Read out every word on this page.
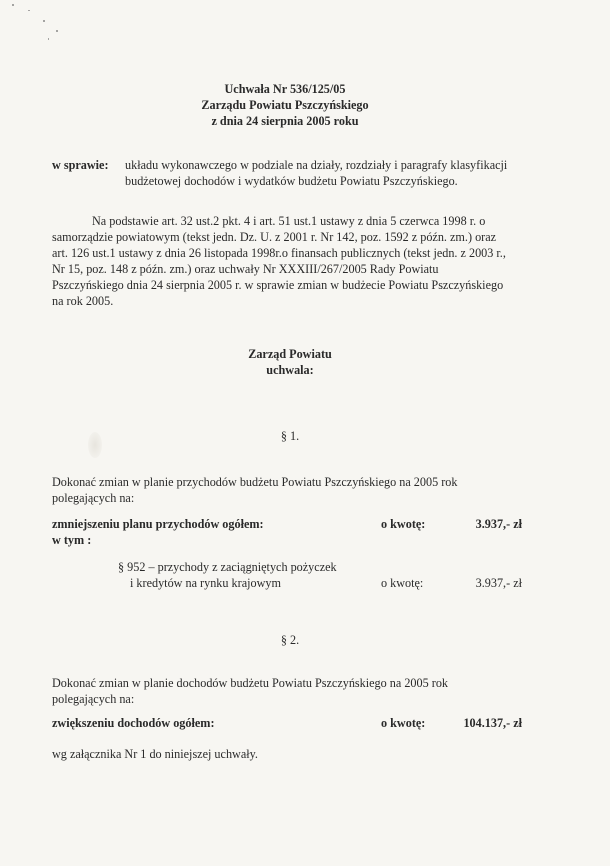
Uchwała Nr 536/125/05
Zarządu Powiatu Pszczyńskiego
z dnia 24 sierpnia 2005 roku
w sprawie: układu wykonawczego w podziale na działy, rozdziały i paragrafy klasyfikacji
budżetowej dochodów i wydatków budżetu Powiatu Pszczyńskiego.
Na podstawie art. 32 ust.2 pkt. 4 i art. 51 ust.1 ustawy z dnia 5 czerwca 1998 r. o
samorządzie powiatowym (tekst jedn. Dz. U. z 2001 r. Nr 142, poz. 1592 z późn. zm.) oraz
art. 126 ust.1 ustawy z dnia 26 listopada 1998r.o finansach publicznych (tekst jedn. z 2003 r.,
Nr 15, poz. 148 z późn. zm.) oraz uchwały Nr XXXIII/267/2005 Rady Powiatu
Pszczyńskiego dnia 24 sierpnia 2005 r. w sprawie zmian w budżecie Powiatu Pszczyńskiego
na rok 2005.
Zarząd Powiatu
uchwala:
§ 1.
Dokonać zmian w planie przychodów budżetu Powiatu Pszczyńskiego na 2005 rok
polegających na:
zmniejszeniu planu przychodów ogółem:	o kwotę:	3.937,- zł
w tym :
§ 952 – przychody z zaciągniętych pożyczek
i kredytów na rynku krajowym	o kwotę:	3.937,- zł
§ 2.
Dokonać zmian w planie dochodów budżetu Powiatu Pszczyńskiego na 2005 rok
polegających na:
zwiększeniu dochodów ogółem:	o kwotę:	104.137,- zł
wg załącznika Nr 1 do niniejszej uchwały.
